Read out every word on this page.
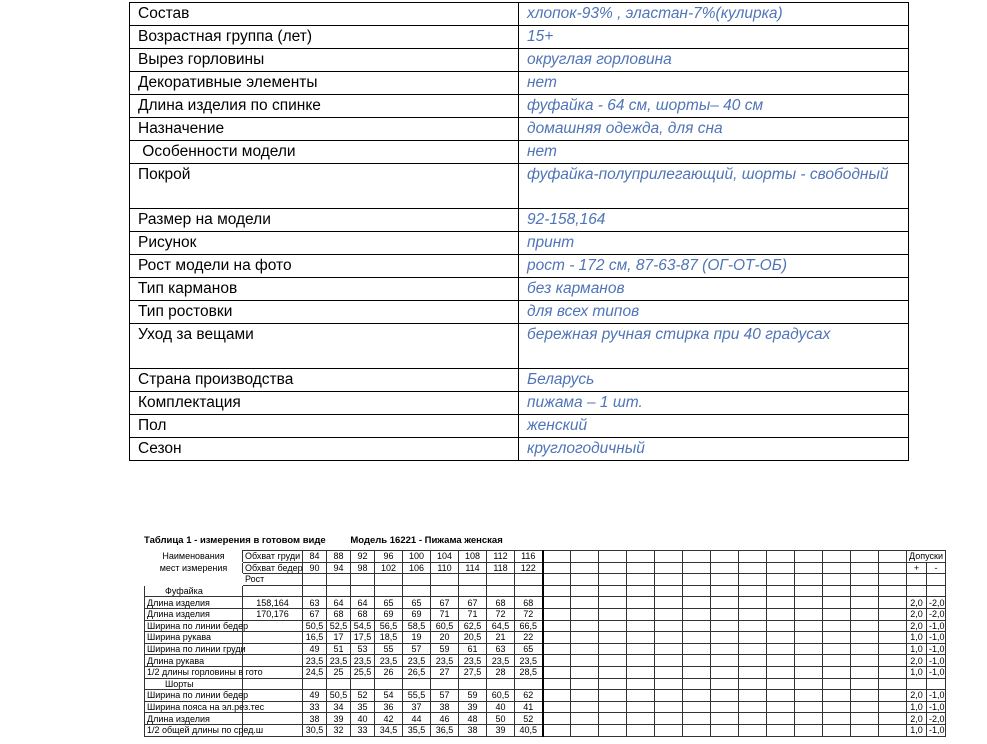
Состав	хлопок-93% , эластан-7%(кулирка)
Возрастная группа (лет)	15+
Вырез горловины	округлая горловина
Декоративные элементы	нет
Длина изделия по спинке	фуфайка - 64 см, шорты– 40 см
Назначение	домашняя одежда, для сна
Особенности модели	нет
Покрой	фуфайка-полуприлегающий, шорты - свободный
Размер на модели	92-158,164
Рисунок	принт
Рост модели на фото	рост - 172 см, 87-63-87 (ОГ-ОТ-ОБ)
Тип карманов	без карманов
Тип ростовки	для всех типов
Уход за вещами	бережная ручная стирка при 40 градусах
Страна производства	Беларусь
Комплектация	пижама – 1 шт.
Пол	женский
Сезон	круглогодичный
Таблица 1 - измерения в готовом виде	Модель 16221 - Пижама женская
Наименования	Обхват груди	84	88	92	96	100	104	108	112	116														Допуски	
мест измерения	Обхват бедер	90	94	98	102	106	110	114	118	122														+	-
	Рост																								
Фуфайка																									
Длина изделия	158,164	63	64	64	65	65	67	67	68	68														2,0	-2,0
Длина изделия	170,176	67	68	68	69	69	71	71	72	72														2,0	-2,0
Ширина по линии бедер		50,5	52,5	54,5	56,5	58,5	60,5	62,5	64,5	66,5														2,0	-1,0
Ширина рукава		16,5	17	17,5	18,5	19	20	20,5	21	22														1,0	-1,0
Ширина по линии груди		49	51	53	55	57	59	61	63	65														1,0	-1,0
Длина рукава		23,5	23,5	23,5	23,5	23,5	23,5	23,5	23,5	23,5														2,0	-1,0
1/2 длины горловины в гото		24,5	25	25,5	26	26,5	27	27,5	28	28,5														1,0	-1,0
Шорты																									
Ширина по линии бедер		49	50,5	52	54	55,5	57	59	60,5	62														2,0	-1,0
Ширина пояса на эл.рез.тес		33	34	35	36	37	38	39	40	41														1,0	-1,0
Длина изделия		38	39	40	42	44	46	48	50	52														2,0	-2,0
1/2 общей длины по сред.ш		30,5	32	33	34,5	35,5	36,5	38	39	40,5														1,0	-1,0
